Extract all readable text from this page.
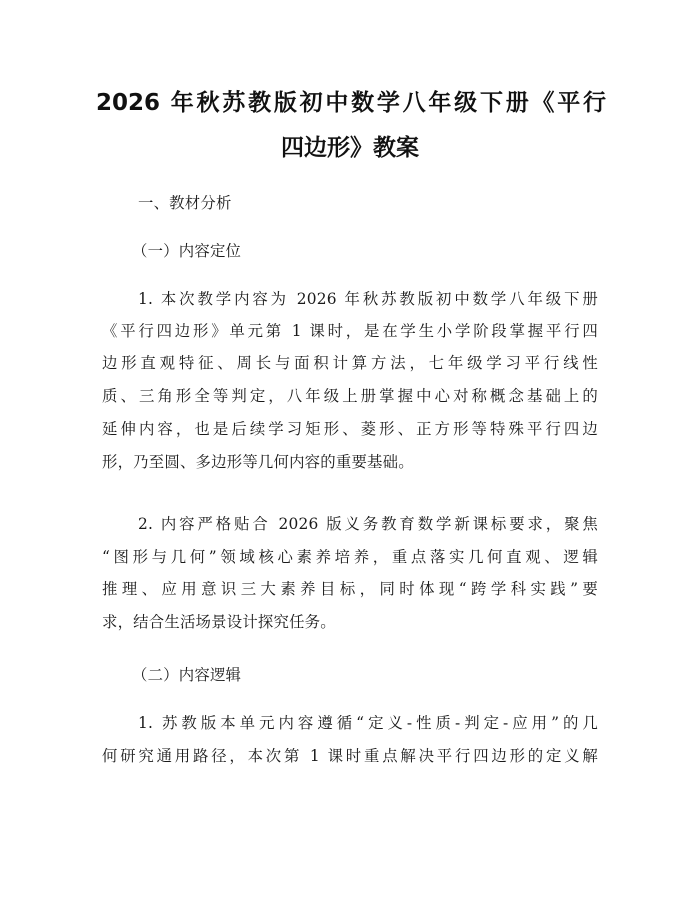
2026 年秋苏教版初中数学八年级下册《平行
四边形》教案

一、教材分析

（一）内容定位

1. 本次教学内容为 2026 年秋苏教版初中数学八年级下册

《平行四边形》单元第 1 课时，是在学生小学阶段掌握平行四

边形直观特征、周长与面积计算方法，七年级学习平行线性

质、三角形全等判定，八年级上册掌握中心对称概念基础上的

延伸内容，也是后续学习矩形、菱形、正方形等特殊平行四边

形，乃至圆、多边形等几何内容的重要基础。

2. 内容严格贴合 2026 版义务教育数学新课标要求，聚焦

“图形与几何”领域核心素养培养，重点落实几何直观、逻辑

推理、应用意识三大素养目标，同时体现“跨学科实践”要

求，结合生活场景设计探究任务。

（二）内容逻辑

1. 苏教版本单元内容遵循“定义-性质-判定-应用”的几

何研究通用路径，本次第 1 课时重点解决平行四边形的定义解
